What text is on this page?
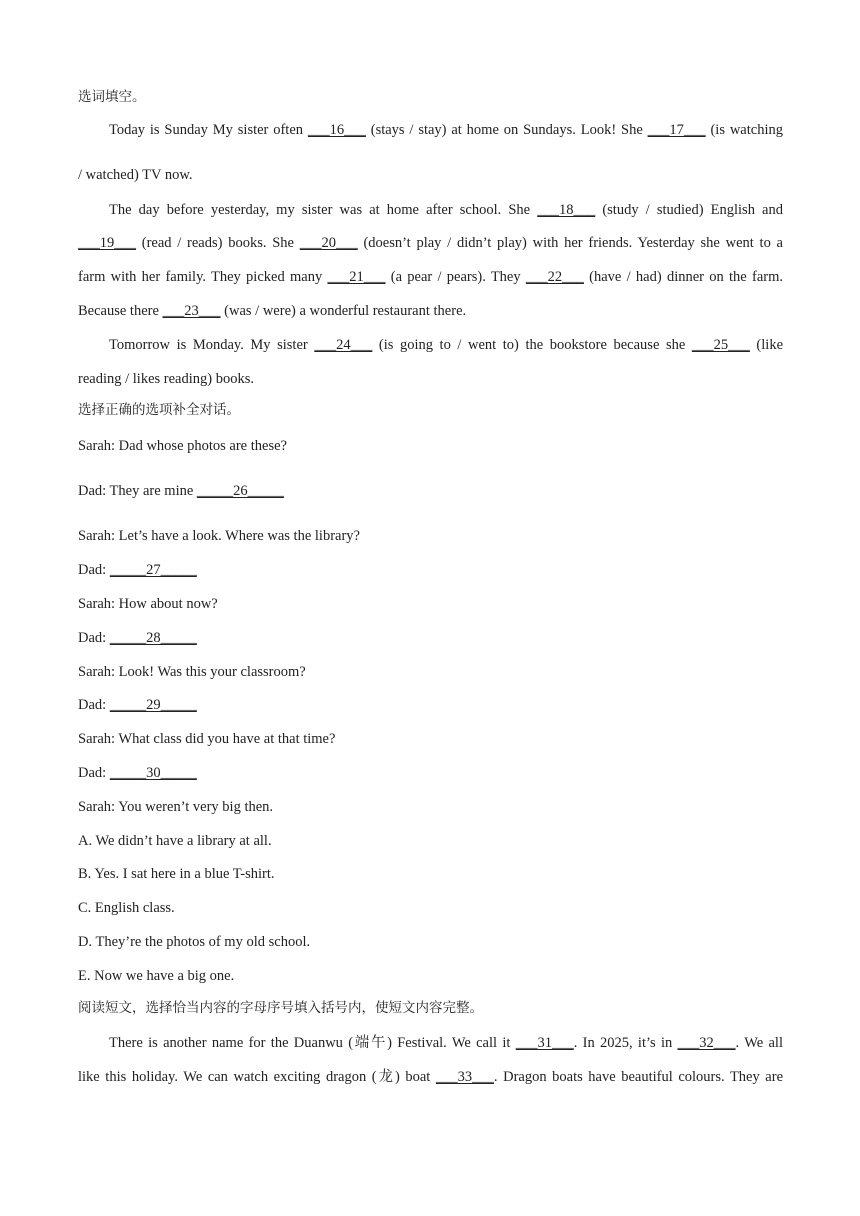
选词填空。
Today is Sunday My sister often ___16___ (stays / stay) at home on Sundays. Look! She ___17___ (is watching
/ watched) TV now.
The day before yesterday, my sister was at home after school. She ___18___ (study / studied) English and
___19___ (read / reads) books. She ___20___ (doesn’t play / didn’t play) with her friends. Yesterday she went to a
farm with her family. They picked many ___21___ (a pear / pears). They ___22___ (have / had) dinner on the farm.
Because there ___23___ (was / were) a wonderful restaurant there.
Tomorrow is Monday. My sister ___24___ (is going to / went to) the bookstore because she ___25___ (like
reading / likes reading) books.
选择正确的选项补全对话。
Sarah: Dad whose photos are these?
Dad: They are mine _____26_____
Sarah: Let’s have a look. Where was the library?
Dad: _____27_____
Sarah: How about now?
Dad: _____28_____
Sarah: Look! Was this your classroom?
Dad: _____29_____
Sarah: What class did you have at that time?
Dad: _____30_____
Sarah: You weren’t very big then.
A. We didn’t have a library at all.
B. Yes. I sat here in a blue T-shirt.
C. English class.
D. They’re the photos of my old school.
E. Now we have a big one.
阅读短文，选择恰当内容的字母序号填入括号内，使短文内容完整。
There is another name for the Duanwu (端午) Festival. We call it ___31___. In 2025, it’s in ___32___. We all
like this holiday. We can watch exciting dragon (龙) boat ___33___. Dragon boats have beautiful colours. They are
